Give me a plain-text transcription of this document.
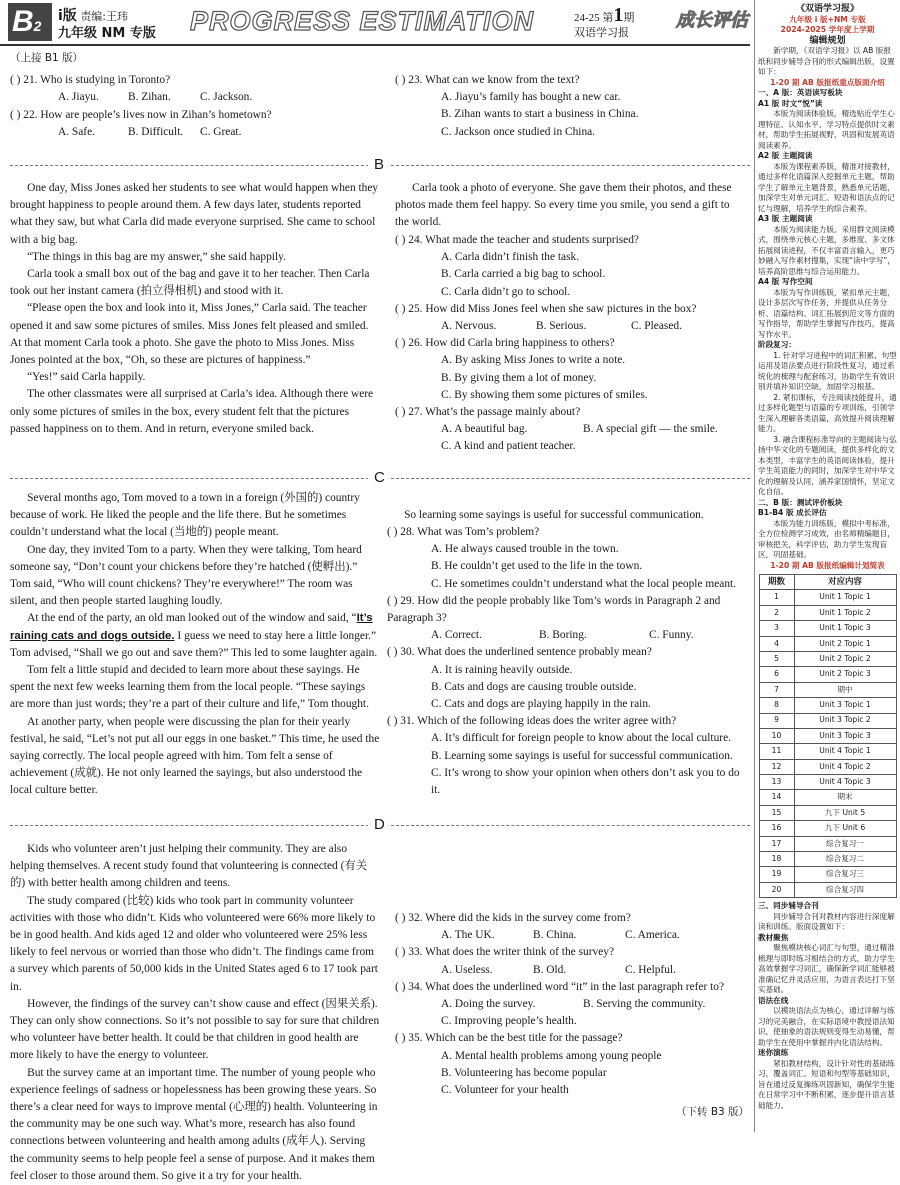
B2
i版 责编:王玮
九年级 NM 专版 PROGRESS ESTIMATION	24-25 第1期
双语学习报
成长评估
（上接 B1 版）
( ) 21. Who is studying in Toronto?
A. Jiayu.	B. Zihan.	C. Jackson.
( ) 22. How are people’s lives now in Zihan’s hometown?
A. Safe.	B. Difficult.	C. Great.
( ) 23. What can we know from the text?
A. Jiayu’s family has bought a new car.
B. Zihan wants to start a business in China.
C. Jackson once studied in China.
B

One day, Miss Jones asked her students to see what would happen when they brought happiness to people around them. A few days later, students reported what they saw, but what Carla did made everyone surprised. She came to school with a big bag.

“The things in this bag are my answer,” she said happily.

Carla took a small box out of the bag and gave it to her teacher. Then Carla took out her instant camera (拍立得相机) and stood with it.

“Please open the box and look into it, Miss Jones,” Carla said. The teacher opened it and saw some pictures of smiles. Miss Jones felt pleased and smiled. At that moment Carla took a photo. She gave the photo to Miss Jones. Miss Jones pointed at the box, “Oh, so these are pictures of happiness.”

“Yes!” said Carla happily.

The other classmates were all surprised at Carla’s idea. Although there were only some pictures of smiles in the box, every student felt that the pictures passed happiness on to them. And in return, everyone smiled back.

Carla took a photo of everyone. She gave them their photos, and these photos made them feel happy. So every time you smile, you send a gift to the world.

( ) 24. What made the teacher and students surprised?
A. Carla didn’t finish the task.
B. Carla carried a big bag to school.
C. Carla didn’t go to school.
( ) 25. How did Miss Jones feel when she saw pictures in the box?
A. Nervous.	B. Serious.	C. Pleased.
( ) 26. How did Carla bring happiness to others?
A. By asking Miss Jones to write a note.
B. By giving them a lot of money.
C. By showing them some pictures of smiles.
( ) 27. What’s the passage mainly about?
A. A beautiful bag.	B. A special gift — the smile.
C. A kind and patient teacher.
C

Several months ago, Tom moved to a town in a foreign (外国的) country because of work. He liked the people and the life there. But he sometimes couldn’t understand what the local (当地的) people meant.

One day, they invited Tom to a party. When they were talking, Tom heard someone say, “Don’t count your chickens before they’re hatched (使孵出).” Tom said, “Who will count chickens? They’re everywhere!” The room was silent, and then people started laughing loudly.

At the end of the party, an old man looked out of the window and said, “It’s raining cats and dogs outside. I guess we need to stay here a little longer.” Tom advised, “Shall we go out and save them?” This led to some laughter again.

Tom felt a little stupid and decided to learn more about these sayings. He spent the next few weeks learning them from the local people. “These sayings are more than just words; they’re a part of their culture and life,” Tom thought.

At another party, when people were discussing the plan for their yearly festival, he said, “Let’s not put all our eggs in one basket.” This time, he used the saying correctly. The local people agreed with him. Tom felt a sense of achievement (成就). He not only learned the sayings, but also understood the local culture better.

So learning some sayings is useful for successful communication.

( ) 28. What was Tom’s problem?
A. He always caused trouble in the town.
B. He couldn’t get used to the life in the town.
C. He sometimes couldn’t understand what the local people meant.
( ) 29. How did the people probably like Tom’s words in Paragraph 2 and Paragraph 3?
A. Correct.	B. Boring.	C. Funny.
( ) 30. What does the underlined sentence probably mean?
A. It is raining heavily outside.
B. Cats and dogs are causing trouble outside.
C. Cats and dogs are playing happily in the rain.
( ) 31. Which of the following ideas does the writer agree with?
A. It’s difficult for foreign people to know about the local culture.
B. Learning some sayings is useful for successful communication.
C. It’s wrong to show your opinion when others don’t ask you to do it.
D

Kids who volunteer aren’t just helping their community. They are also helping themselves. A recent study found that volunteering is connected (有关的) with better health among children and teens.

The study compared (比较) kids who took part in community volunteer activities with those who didn’t. Kids who volunteered were 66% more likely to be in good health. And kids aged 12 and older who volunteered were 25% less likely to feel nervous or worried than those who didn’t. The findings came from a survey which parents of 50,000 kids in the United States aged 6 to 17 took part in.

However, the findings of the survey can’t show cause and effect (因果关系). They can only show connections. So it’s not possible to say for sure that children who volunteer have better health. It could be that children in good health are more likely to have the energy to volunteer.

But the survey came at an important time. The number of young people who experience feelings of sadness or hopelessness has been growing these years. So there’s a clear need for ways to improve mental (心理的) health. Volunteering in the community may be one such way. What’s more, research has also found connections between volunteering and health among adults (成年人). Serving the community seems to help people feel a sense of purpose. And it makes them feel closer to those around them. So give it a try for your health.

( ) 32. Where did the kids in the survey come from?
A. The UK.	B. China.	C. America.
( ) 33. What does the writer think of the survey?
A. Useless.	B. Old.	C. Helpful.
( ) 34. What does the underlined word “it” in the last paragraph refer to?
A. Doing the survey.	B. Serving the community.
C. Improving people’s health.
( ) 35. Which can be the best title for the passage?
A. Mental health problems among young people
B. Volunteering has become popular
C. Volunteer for your health
（下转 B3 版）
《双语学习报》
九年级 i 版+NM 专版
2024-2025 学年度上学期
编辑规划
新学期，《双语学习报》以 AB 版报纸和同步辅导合刊的形式编辑出版，设置如下：
1-20 期 AB 版报纸重点版面介绍
一、A 版：英语读写板块
A1 版 时文“悦”读
本版为阅读体验版，精选贴近学生心理特征、认知水平、学习特点提供时文素材，帮助学生拓展视野，巩固和发展英语阅读素养。
A2 版 主题阅读
本版为课程素养版，精准对接教材，通过多样化语篇深入挖掘单元主题，帮助学生了解单元主题背景，熟悉单元话题，加深学生对单元词汇、短语和语法点的记忆与理解，培养学生的综合素养。
A3 版 主题阅读
本版为阅读能力版。采用群文阅读模式，围绕单元核心主题，多维度、多文体拓展阅读进程，不仅丰富语言输入，更巧妙融入写作素材搜集，实现“读中学写”，培养高阶思维与综合运用能力。
A4 版 写作空间
本版为写作训练版，紧扣单元主题，设计多层次写作任务，并提供从任务分析、语篇结构、词汇拓展到范文等方面的写作指导，帮助学生掌握写作技巧，提高写作水平。
阶段复习：
1. 针对学习进程中的词汇积累、句型运用及语法要点进行阶段性复习，通过系统化的梳理与配套练习，协助学生有效识别并填补知识空缺，加固学习根基。
2. 紧扣课标，专注阅读技能提升，通过多样化题型与语篇的专项训练，引领学生深入理解各类语篇，高效提升阅读理解能力。
3. 融合课程标准导向的主题阅读与弘扬中华文化的专题阅读，提供多样化的文本类型，丰富学生的英语阅读体验，提升学生英语能力的同时，加深学生对中华文化的理解及认同，涵养家国情怀，坚定文化自信。
二、B 版：测试评价板块
B1-B4 版 成长评估
本版为能力训练版，模拟中考标准，全方位检测学习成效，由名师精编题目，审核把关，科学评估，助力学生发现盲区，巩固基础。
1-20 期 AB 版报纸编辑计划简表
期数	对应内容
1	Unit 1 Topic 1
2	Unit 1 Topic 2
3	Unit 1 Topic 3
4	Unit 2 Topic 1
5	Unit 2 Topic 2
6	Unit 2 Topic 3
7	期中
8	Unit 3 Topic 1
9	Unit 3 Topic 2
10	Unit 3 Topic 3
11	Unit 4 Topic 1
12	Unit 4 Topic 2
13	Unit 4 Topic 3
14	期末
15	九下 Unit 5
16	九下 Unit 6
17	综合复习一
18	综合复习二
19	综合复习三
20	综合复习四
三、同步辅导合刊
同步辅导合刊对教材内容进行深度解读和训练。版面设置如下：
教材聚焦
聚焦模块核心词汇与句型，通过精准梳理与即时练习相结合的方式，助力学生高效掌握学习词汇，确保新学词汇能够被准确记忆并灵活应用，为语言表达打下坚实基础。
语法在线
以模块语法点为核心，通过详解与练习的完美融合，在实际语境中教授语法知识，使抽象的语法规则变得生动易懂，帮助学生在使用中掌握并内化语法结构。
迷你演练
紧扣教材结构，设计针对性的基础练习，覆盖词汇、短语和句型等基础知识，旨在通过反复操练巩固新知，确保学生能在日常学习中不断积累，逐步提升语言基础能力。
